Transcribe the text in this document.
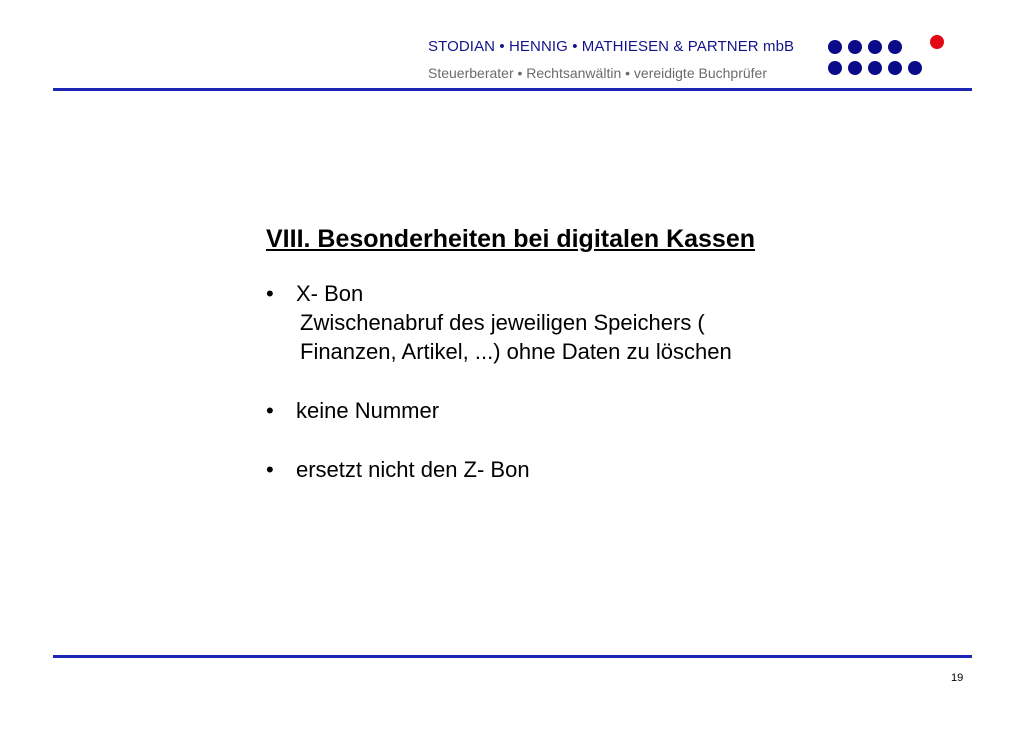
STODIAN • HENNIG • MATHIESEN & PARTNER mbB
Steuerberater • Rechtsanwältin • vereidigte Buchprüfer
VIII. Besonderheiten bei digitalen Kassen
•	X- Bon
Zwischenabruf des jeweiligen Speichers ( Finanzen, Artikel, ...) ohne Daten zu löschen
•	keine Nummer
•	ersetzt nicht den Z- Bon
19
